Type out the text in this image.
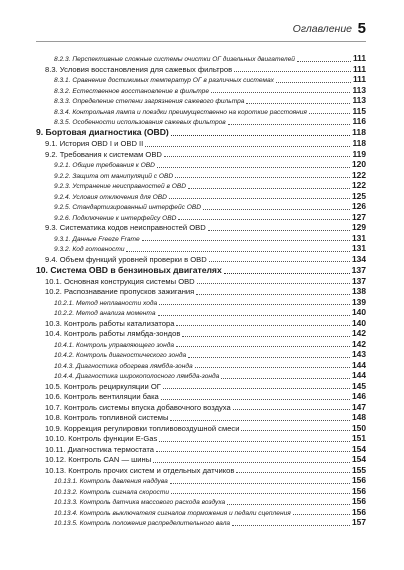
Оглавление 5
8.2.3. Перспективные сложные системы очистки ОГ дизельных двигателей	111
8.3. Условия восстановления для сажевых фильтров	111
8.3.1. Сравнение достижимых температур ОГ в различных системах	111
8.3.2. Естественное восстановление в фильтре	113
8.3.3. Определение степени загрязнения сажевого фильтра	113
8.3.4. Контрольная лампа и поездки преимущественно на короткие расстояния	115
8.3.5. Особенности использования сажевых фильтров	116
9. Бортовая диагностика (OBD)	118
9.1. История OBD I и OBD II	118
9.2. Требования к системам OBD	119
9.2.1. Общие требования к OBD	120
9.2.2. Защита от манипуляций с OBD	122
9.2.3. Устранение неисправностей в OBD	122
9.2.4. Условия отключения для OBD	125
9.2.5. Стандартизированный интерфейс OBD	126
9.2.6. Подключение к интерфейсу OBD	127
9.3. Систематика кодов неисправностей OBD	129
9.3.1. Данные Freeze Frame	131
9.3.2. Код готовности	131
9.4. Объем функций уровней проверки в OBD	134
10. Система OBD в бензиновых двигателях	137
10.1. Основная конструкция системы OBD	137
10.2. Распознавание пропусков зажигания	138
10.2.1. Метод неплавности хода	139
10.2.2. Метод анализа момента	140
10.3. Контроль работы катализатора	140
10.4. Контроль работы лямбда-зондов	142
10.4.1. Контроль управляющего зонда	142
10.4.2. Контроль диагностического зонда	143
10.4.3. Диагностика обогрева лямбда-зонда	144
10.4.4. Диагностика широкополосного лямбда-зонда	144
10.5. Контроль рециркуляции ОГ	145
10.6. Контроль вентиляции бака	146
10.7. Контроль системы впуска добавочного воздуха	147
10.8. Контроль топливной системы	148
10.9. Коррекция регулировки топливовоздушной смеси	150
10.10. Контроль функции E-Gas	151
10.11. Диагностика термостата	154
10.12. Контроль CAN — шины	154
10.13. Контроль прочих систем и отдельных датчиков	155
10.13.1. Контроль давления наддува	156
10.13.2. Контроль сигнала скорости	156
10.13.3. Контроль датчика массового расхода воздуха	156
10.13.4. Контроль выключателя сигналов торможения и педали сцепления	156
10.13.5. Контроль положения распределительного вала	157
